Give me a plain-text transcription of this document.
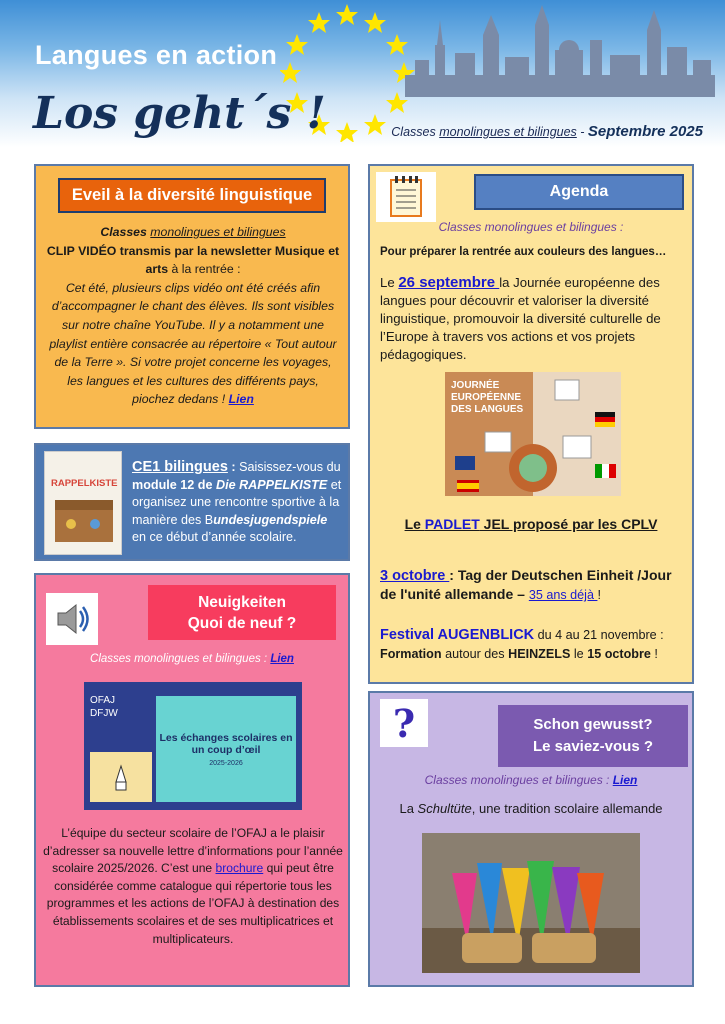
Langues en action
Los geht´s !	Classes monolingues et bilingues - Septembre 2025
Eveil à la diversité linguistique
Classes monolingues et bilingues
CLIP VIDÉO transmis par la newsletter Musique et arts à la rentrée :
Cet été, plusieurs clips vidéo ont été créés afin d’accompagner le chant des élèves. Ils sont visibles sur notre chaîne YouTube. Il y a notamment une playlist entière consacrée au répertoire « Tout autour de la Terre ». Si votre projet concerne les voyages, les langues et les cultures des différents pays, piochez dedans ! Lien
Agenda
Classes monolingues et bilingues :
Pour préparer la rentrée aux couleurs des langues…
Le 26 septembre la Journée européenne des langues pour découvrir et valoriser la diversité linguistique, promouvoir la diversité culturelle de l’Europe à travers vos actions et vos projets pédagogiques.
JOURNÉE EUROPÉENNE DES LANGUES
Le PADLET JEL proposé par les CPLV
3 octobre : Tag der Deutschen Einheit /Jour de l'unité allemande – 35 ans déjà !
Festival AUGENBLICK du 4 au 21 novembre :
Formation autour des HEINZELS le 15 octobre !
RAPPELKISTE
CE1 bilingues : Saisissez-vous du module 12 de Die RAPPELKISTE et organisez une rencontre sportive à la manière des Bundesjugendspiele en ce début d’année scolaire.
Neuigkeiten
Quoi de neuf ?
Classes monolingues et bilingues : Lien
OFAJ
DFJW
Les échanges scolaires en un coup d’œil
2025-2026
L’équipe du secteur scolaire de l’OFAJ a le plaisir d’adresser sa nouvelle lettre d’informations pour l’année scolaire 2025/2026. C’est une brochure qui peut être considérée comme catalogue qui répertorie tous les programmes et les actions de l’OFAJ à destination des établissements scolaires et de ses multiplicatrices et multiplicateurs.
?	Schon gewusst?
Le saviez-vous ?
Classes monolingues et bilingues : Lien
La Schultüte, une tradition scolaire allemande
